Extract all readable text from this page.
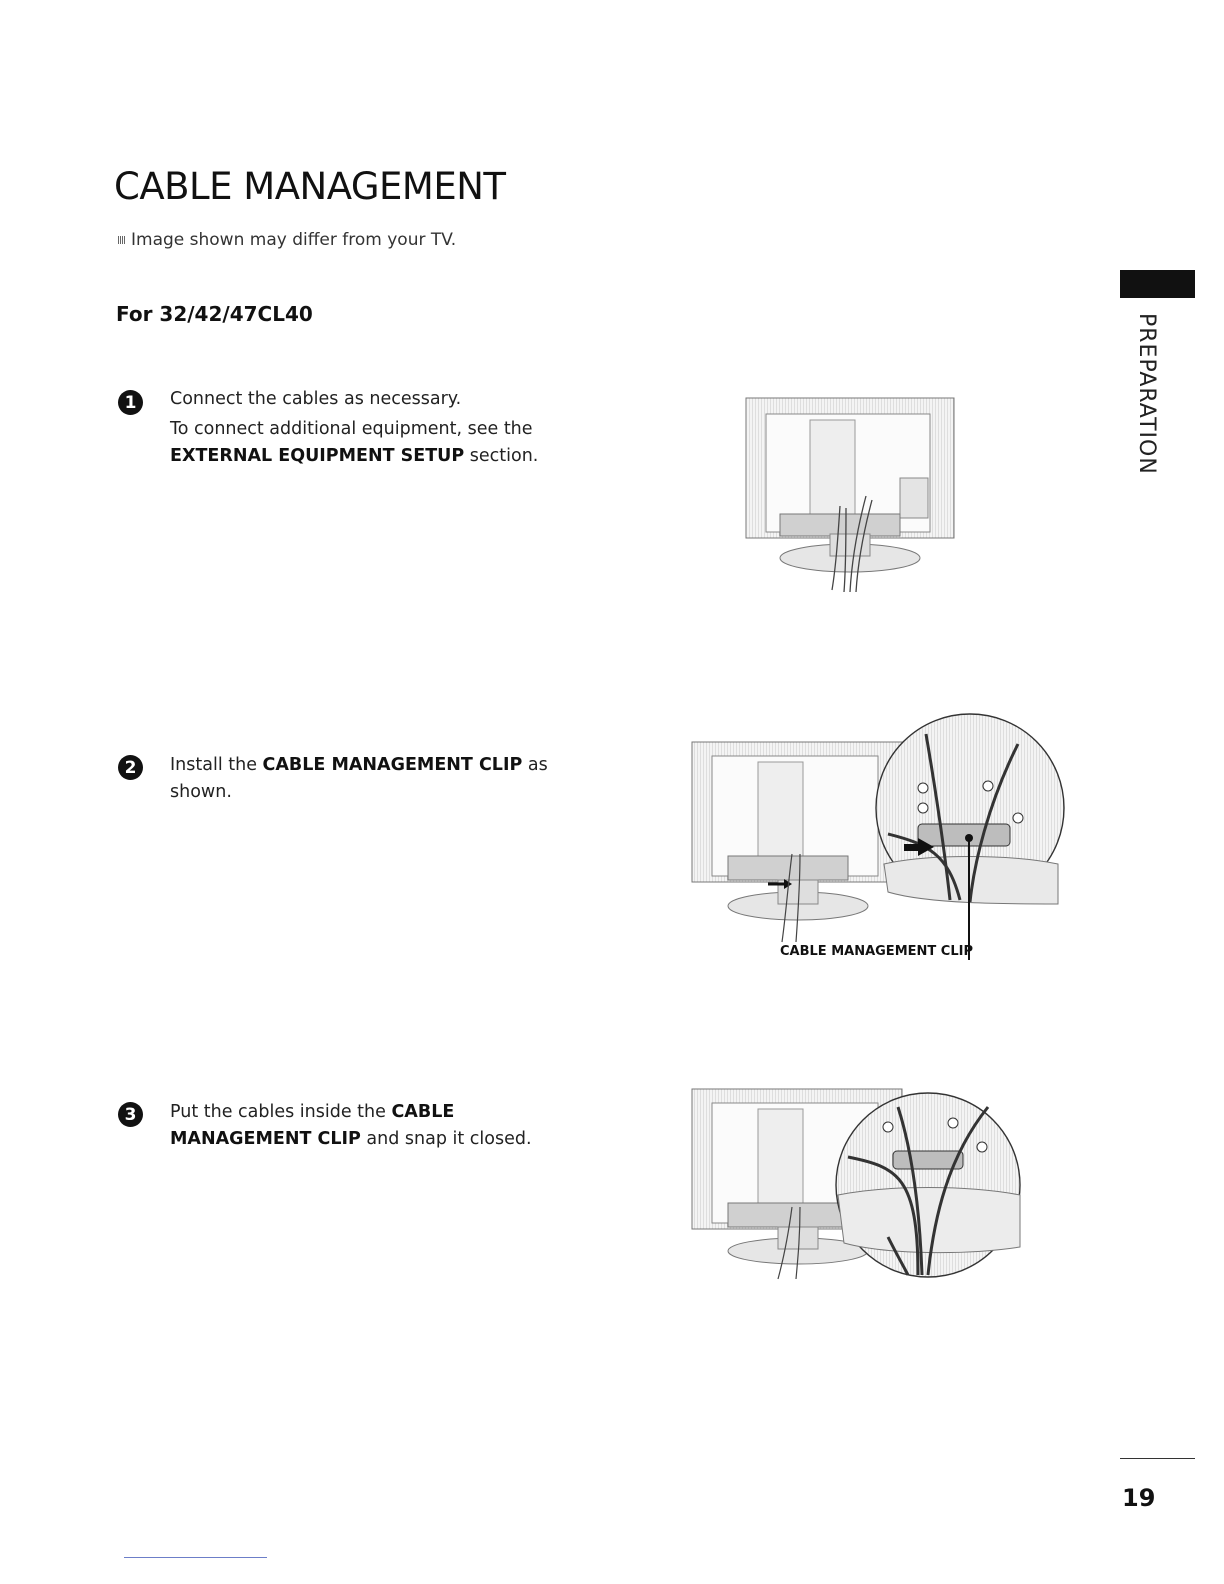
CABLE MANAGEMENT
Image shown may differ from your TV.
For 32/42/47CL40
1	Connect the cables as necessary.

To connect additional equipment, see the EXTERNAL EQUIPMENT SETUP section.

2	Install the CABLE MANAGEMENT CLIP as shown.
3	Put the cables inside the CABLE MANAGEMENT CLIP and snap it closed.
PREPARATION
19
CABLE MANAGEMENT CLIP
